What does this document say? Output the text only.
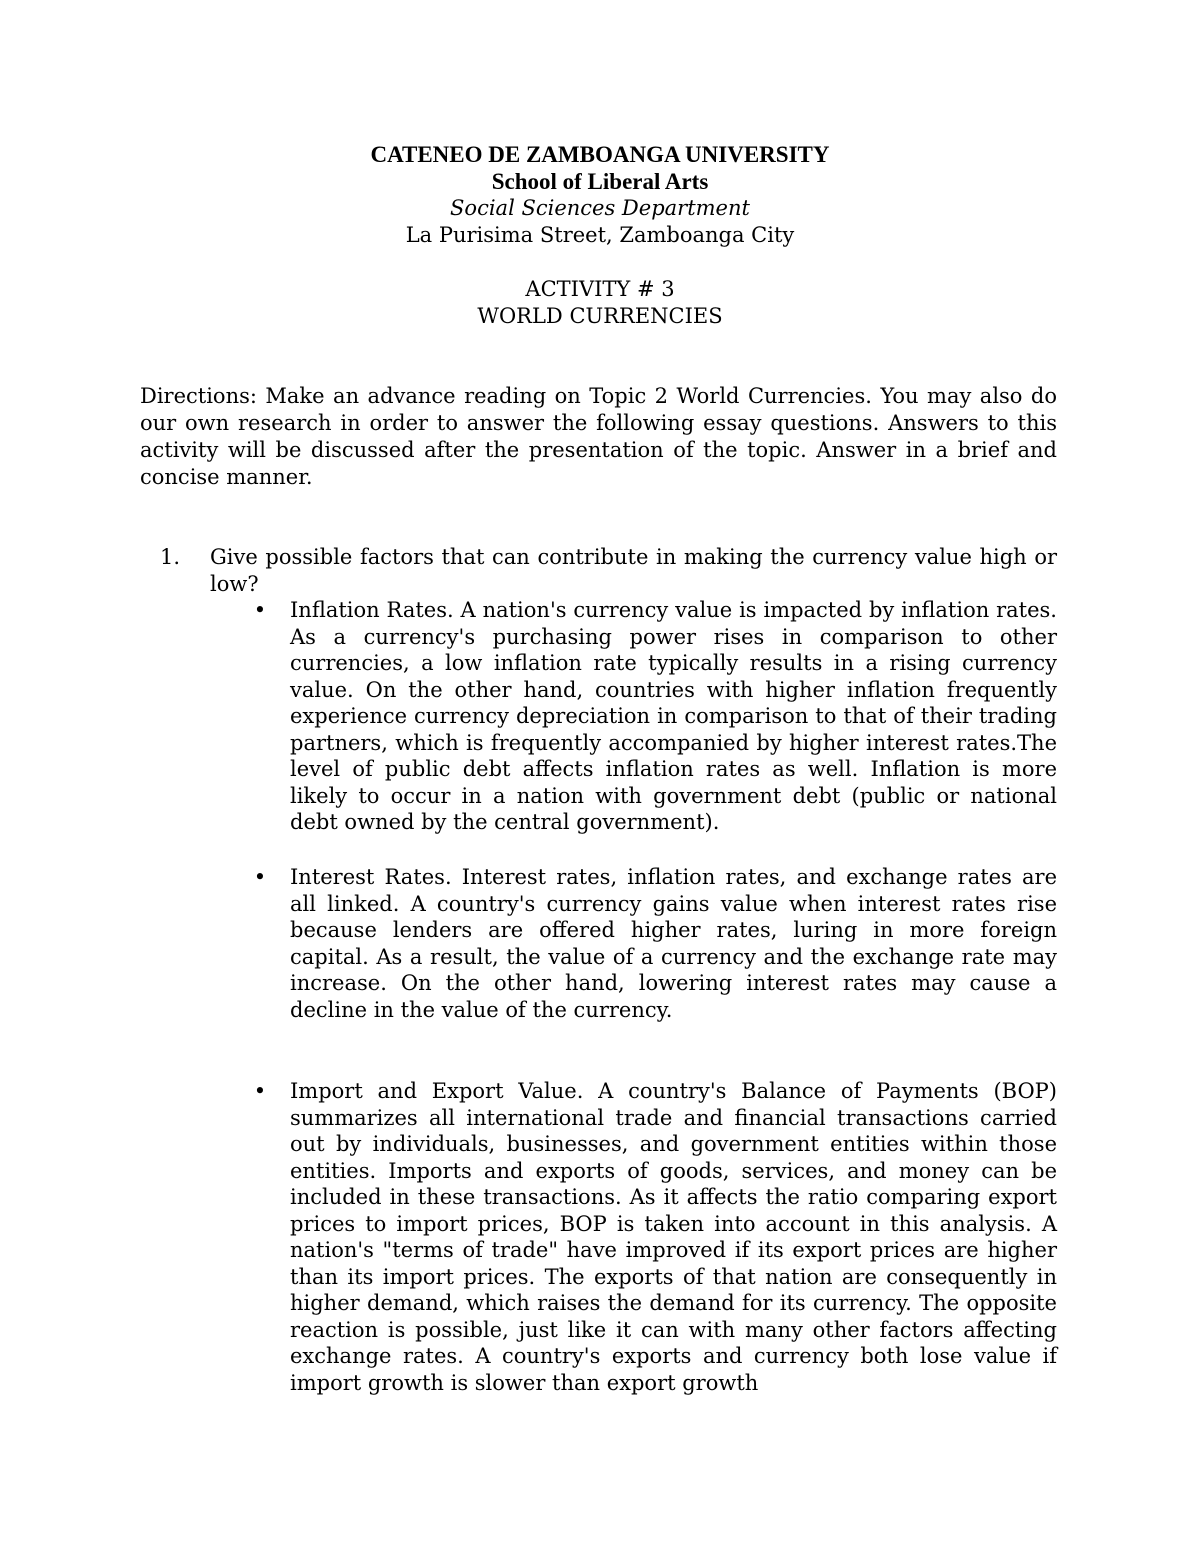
CATENEO DE ZAMBOANGA UNIVERSITY
School of Liberal Arts
Social Sciences Department
La Purisima Street, Zamboanga City
ACTIVITY # 3
WORLD CURRENCIES
Directions: Make an advance reading on Topic 2 World Currencies. You may also do our own research in order to answer the following essay questions. Answers to this activity will be discussed after the presentation of the topic. Answer in a brief and concise manner.
1. Give possible factors that can contribute in making the currency value high or low?
• Inflation Rates. A nation's currency value is impacted by inflation rates. As a currency's purchasing power rises in comparison to other currencies, a low inflation rate typically results in a rising currency value. On the other hand, countries with higher inflation frequently experience currency depreciation in comparison to that of their trading partners, which is frequently accompanied by higher interest rates.The level of public debt affects inflation rates as well. Inflation is more likely to occur in a nation with government debt (public or national debt owned by the central government).
• Interest Rates. Interest rates, inflation rates, and exchange rates are all linked. A country's currency gains value when interest rates rise because lenders are offered higher rates, luring in more foreign capital. As a result, the value of a currency and the exchange rate may increase. On the other hand, lowering interest rates may cause a decline in the value of the currency.
• Import and Export Value. A country's Balance of Payments (BOP) summarizes all international trade and financial transactions carried out by individuals, businesses, and government entities within those entities. Imports and exports of goods, services, and money can be included in these transactions. As it affects the ratio comparing export prices to import prices, BOP is taken into account in this analysis. A nation's "terms of trade" have improved if its export prices are higher than its import prices. The exports of that nation are consequently in higher demand, which raises the demand for its currency. The opposite reaction is possible, just like it can with many other factors affecting exchange rates. A country's exports and currency both lose value if import growth is slower than export growth
